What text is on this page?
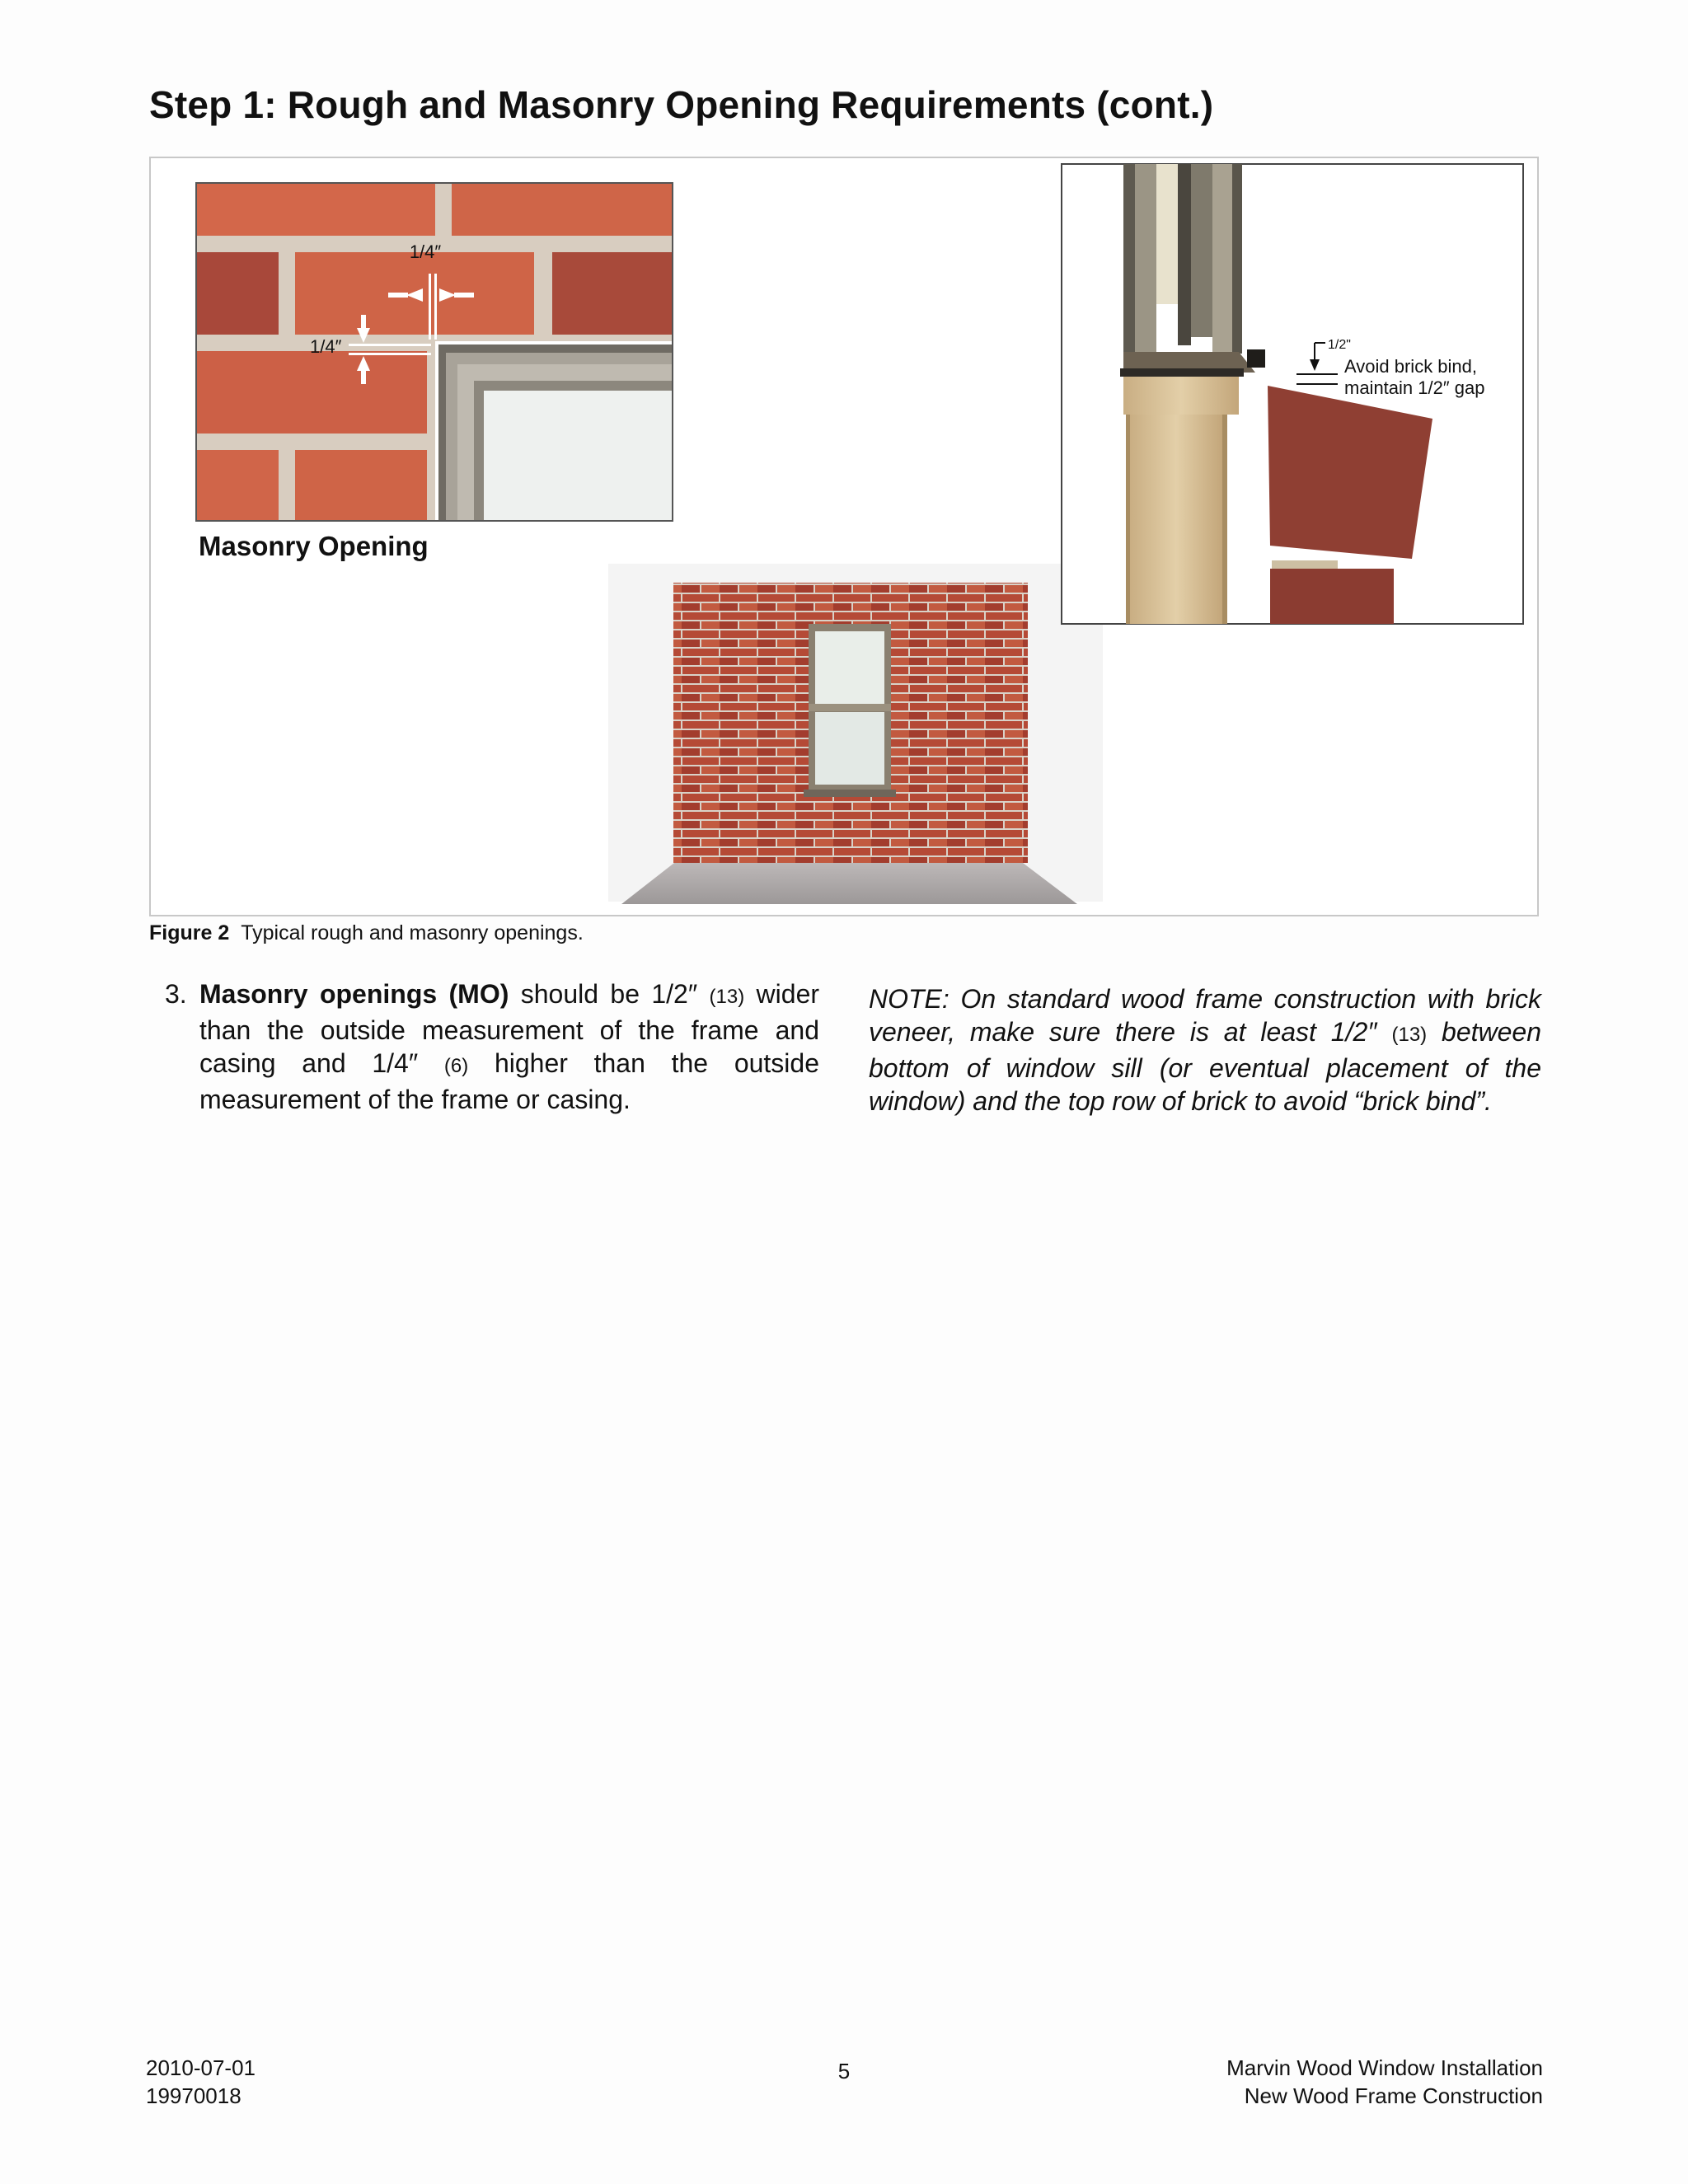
Step 1: Rough and Masonry Opening Requirements (cont.)
1/4″
1/4″
Masonry Opening
1/2"
Avoid brick bind,
maintain 1/2″ gap
Figure 2 Typical rough and masonry openings.
3. Masonry openings (MO) should be 1/2″ (13) wider than the outside measurement of the frame and casing and 1/4″ (6) higher than the outside measurement of the frame or casing.

NOTE: On standard wood frame construction with brick veneer, make sure there is at least 1/2″ (13) between bottom of window sill (or eventual placement of the window) and the top row of brick to avoid “brick bind”.

2010-07-01
19970018
5	Marvin Wood Window Installation
New Wood Frame Construction
